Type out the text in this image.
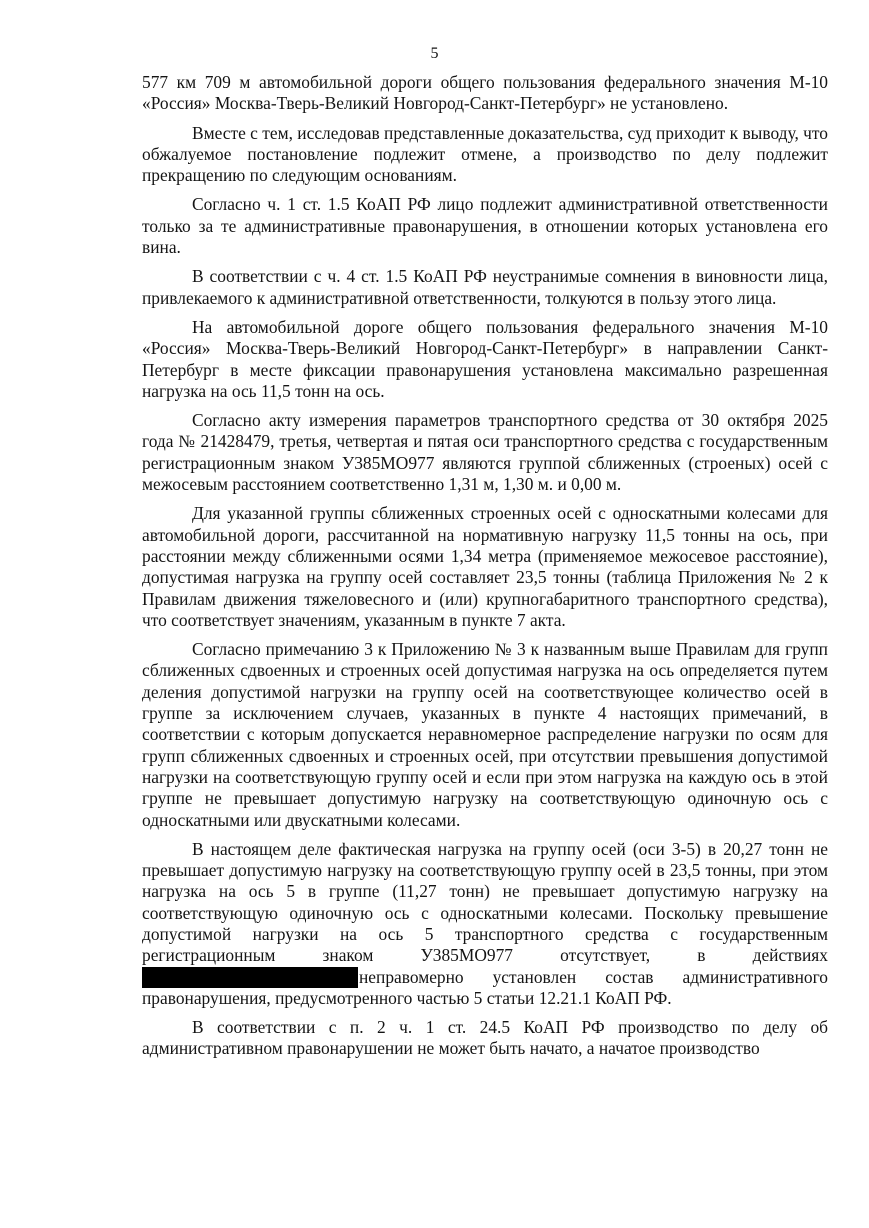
5

577 км 709 м автомобильной дороги общего пользования федерального значения М-10 «Россия» Москва-Тверь-Великий Новгород-Санкт-Петербург» не установлено.

Вместе с тем, исследовав представленные доказательства, суд приходит к выводу, что обжалуемое постановление подлежит отмене, а производство по делу подлежит прекращению по следующим основаниям.

Согласно ч. 1 ст. 1.5 КоАП РФ лицо подлежит административной ответственности только за те административные правонарушения, в отношении которых установлена его вина.

В соответствии с ч. 4 ст. 1.5 КоАП РФ неустранимые сомнения в виновности лица, привлекаемого к административной ответственности, толкуются в пользу этого лица.

На автомобильной дороге общего пользования федерального значения М-10 «Россия» Москва-Тверь-Великий Новгород-Санкт-Петербург» в направлении Санкт-Петербург в месте фиксации правонарушения установлена максимально разрешенная нагрузка на ось 11,5 тонн на ось.

Согласно акту измерения параметров транспортного средства от 30 октября 2025 года № 21428479, третья, четвертая и пятая оси транспортного средства с государственным регистрационным знаком У385МО977 являются группой сближенных (строеных) осей с межосевым расстоянием соответственно 1,31 м, 1,30 м. и 0,00 м.

Для указанной группы сближенных строенных осей с односкатными колесами для автомобильной дороги, рассчитанной на нормативную нагрузку 11,5 тонны на ось, при расстоянии между сближенными осями 1,34 метра (применяемое межосевое расстояние), допустимая нагрузка на группу осей составляет 23,5 тонны (таблица Приложения № 2 к Правилам движения тяжеловесного и (или) крупногабаритного транспортного средства), что соответствует значениям, указанным в пункте 7 акта.

Согласно примечанию 3 к Приложению № 3 к названным выше Правилам для групп сближенных сдвоенных и строенных осей допустимая нагрузка на ось определяется путем деления допустимой нагрузки на группу осей на соответствующее количество осей в группе за исключением случаев, указанных в пункте 4 настоящих примечаний, в соответствии с которым допускается неравномерное распределение нагрузки по осям для групп сближенных сдвоенных и строенных осей, при отсутствии превышения допустимой нагрузки на соответствующую группу осей и если при этом нагрузка на каждую ось в этой группе не превышает допустимую нагрузку на соответствующую одиночную ось с односкатными или двускатными колесами.

В настоящем деле фактическая нагрузка на группу осей (оси 3-5) в 20,27 тонн не превышает допустимую нагрузку на соответствующую группу осей в 23,5 тонны, при этом нагрузка на ось 5 в группе (11,27 тонн) не превышает допустимую нагрузку на соответствующую одиночную ось с односкатными колесами. Поскольку превышение допустимой нагрузки на ось 5 транспортного средства с государственным регистрационным знаком У385МО977 отсутствует, в действиях неправомерно установлен состав административного правонарушения, предусмотренного частью 5 статьи 12.21.1 КоАП РФ.

В соответствии с п. 2 ч. 1 ст. 24.5 КоАП РФ производство по делу об административном правонарушении не может быть начато, а начатое производство
